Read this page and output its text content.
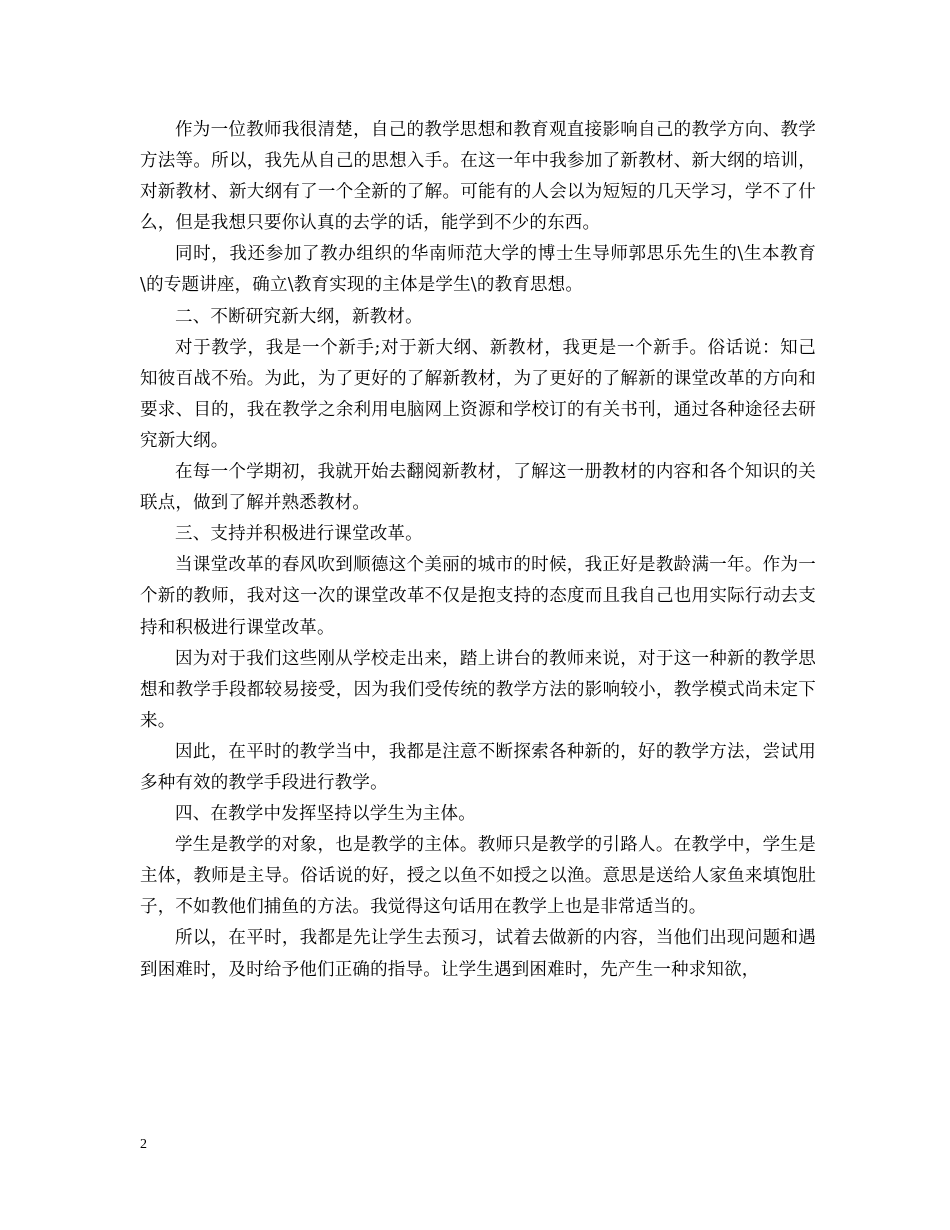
作为一位教师我很清楚，自己的教学思想和教育观直接影响自己的教学方向、教学方法等。所以，我先从自己的思想入手。在这一年中我参加了新教材、新大纲的培训，对新教材、新大纲有了一个全新的了解。可能有的人会以为短短的几天学习，学不了什么，但是我想只要你认真的去学的话，能学到不少的东西。

同时，我还参加了教办组织的华南师范大学的博士生导师郭思乐先生的\生本教育\的专题讲座，确立\教育实现的主体是学生\的教育思想。

二、不断研究新大纲，新教材。

对于教学，我是一个新手;对于新大纲、新教材，我更是一个新手。俗话说：知己知彼百战不殆。为此，为了更好的了解新教材，为了更好的了解新的课堂改革的方向和要求、目的，我在教学之余利用电脑网上资源和学校订的有关书刊，通过各种途径去研究新大纲。

在每一个学期初，我就开始去翻阅新教材，了解这一册教材的内容和各个知识的关联点，做到了解并熟悉教材。

三、支持并积极进行课堂改革。

当课堂改革的春风吹到顺德这个美丽的城市的时候，我正好是教龄满一年。作为一个新的教师，我对这一次的课堂改革不仅是抱支持的态度而且我自己也用实际行动去支持和积极进行课堂改革。

因为对于我们这些刚从学校走出来，踏上讲台的教师来说，对于这一种新的教学思想和教学手段都较易接受，因为我们受传统的教学方法的影响较小，教学模式尚未定下来。

因此，在平时的教学当中，我都是注意不断探索各种新的，好的教学方法，尝试用多种有效的教学手段进行教学。

四、在教学中发挥坚持以学生为主体。

学生是教学的对象，也是教学的主体。教师只是教学的引路人。在教学中，学生是主体，教师是主导。俗话说的好，授之以鱼不如授之以渔。意思是送给人家鱼来填饱肚子，不如教他们捕鱼的方法。我觉得这句话用在教学上也是非常适当的。

所以，在平时，我都是先让学生去预习，试着去做新的内容，当他们出现问题和遇到困难时，及时给予他们正确的指导。让学生遇到困难时，先产生一种求知欲，

2
